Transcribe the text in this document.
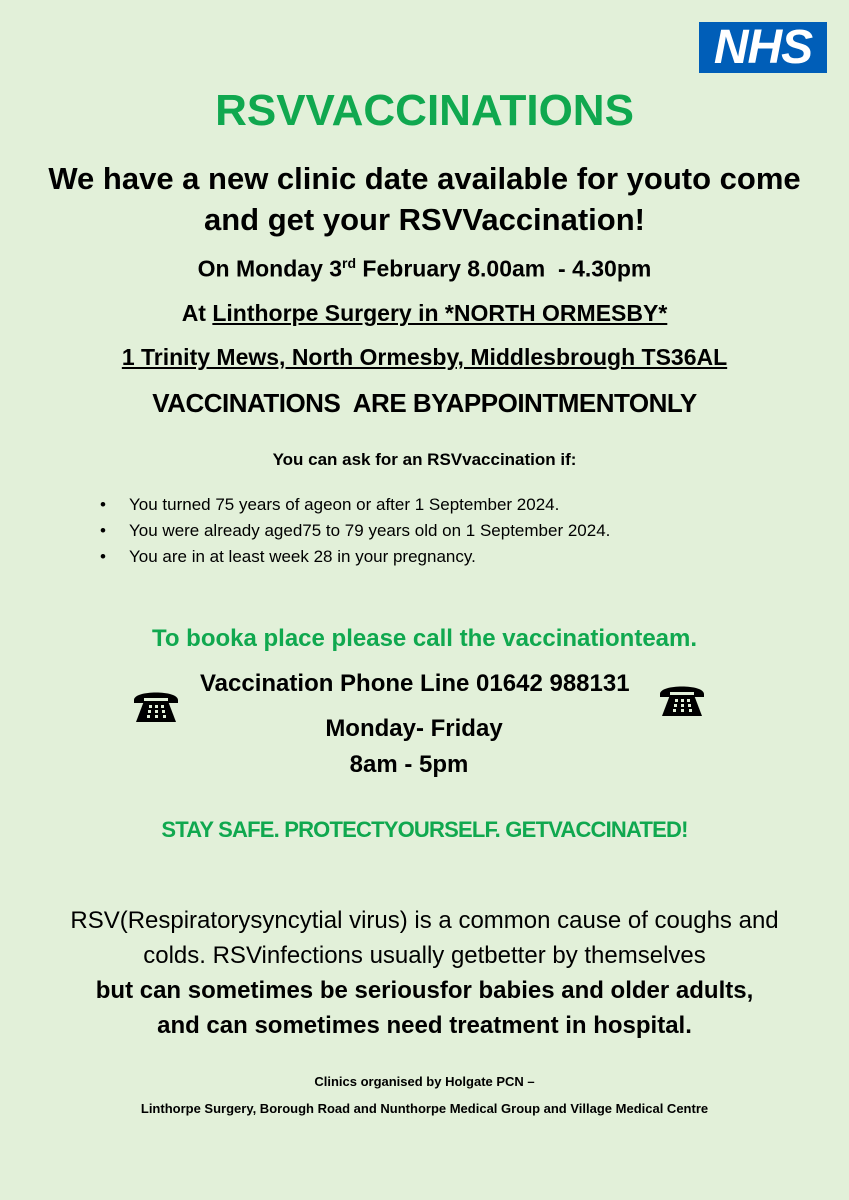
NHS
RSVVACCINATIONS
We have a new clinic date available for youto come
and get your RSVVaccination!
On Monday 3rd February 8.00am  - 4.30pm
At Linthorpe Surgery in *NORTH ORMESBY*
1 Trinity Mews, North Ormesby, Middlesbrough TS36AL
VACCINATIONS  ARE BYAPPOINTMENTONLY
You can ask for an RSVvaccination if:
• You turned 75 years of ageon or after 1 September 2024.
• You were already aged75 to 79 years old on 1 September 2024.
• You are in at least week 28 in your pregnancy.
To booka place please call the vaccinationteam.
Vaccination Phone Line 01642 988131
Monday- Friday
8am - 5pm
STAY SAFE. PROTECTYOURSELF. GETVACCINATED!
RSV(Respiratorysyncytial virus) is a common cause of coughs and
colds. RSVinfections usually getbetter by themselves
but can sometimes be seriousfor babies and older adults,
and can sometimes need treatment in hospital.
Clinics organised by Holgate PCN –
Linthorpe Surgery, Borough Road and Nunthorpe Medical Group and Village Medical Centre
